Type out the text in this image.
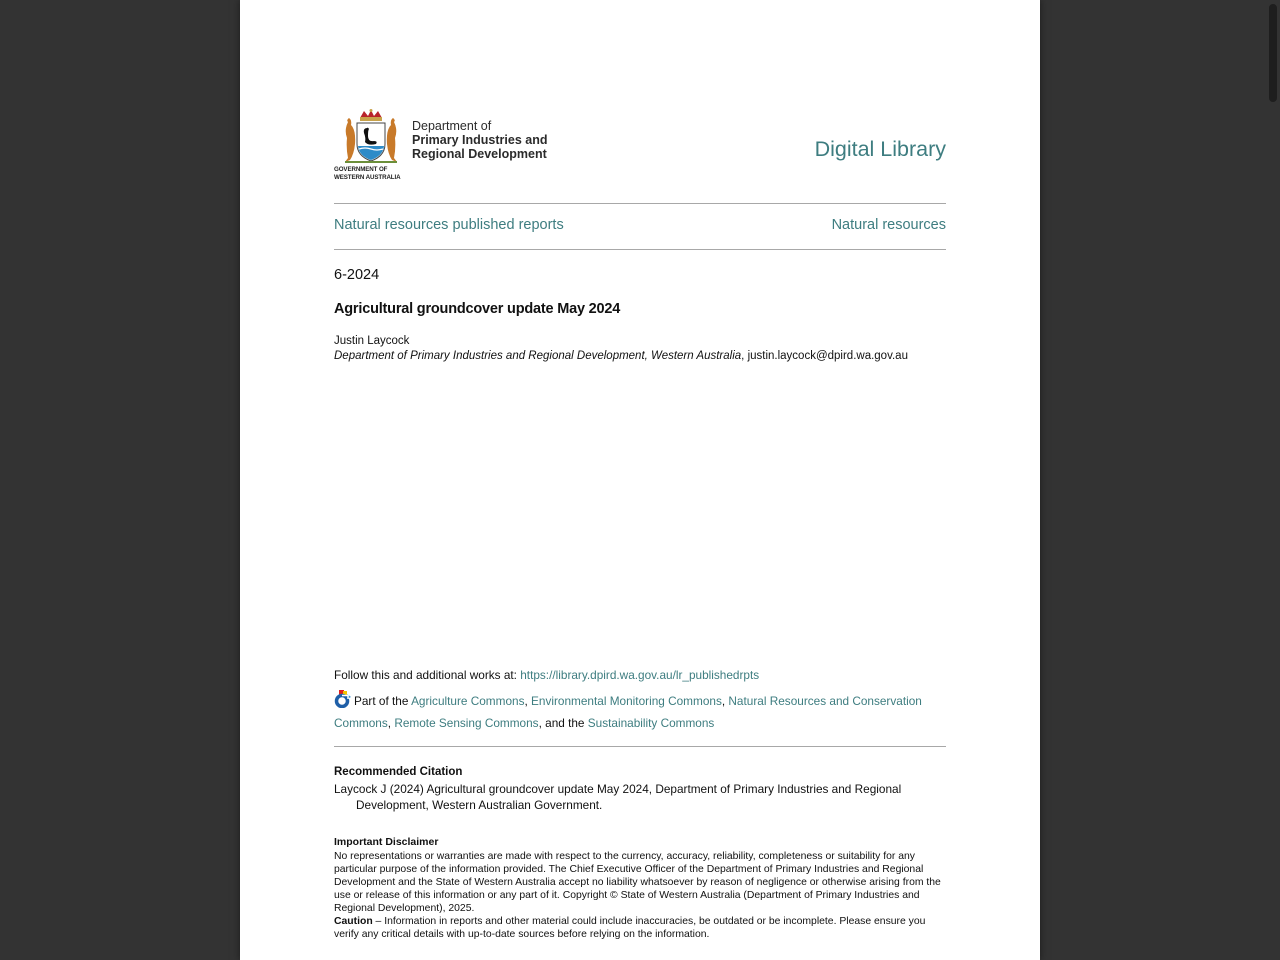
GOVERNMENT OF
WESTERN AUSTRALIA
Department of

Primary Industries and
Regional Development	Digital Library
Natural resources published reports	Natural resources
6-2024
Agricultural groundcover update May 2024
Justin Laycock
Department of Primary Industries and Regional Development, Western Australia, justin.laycock@dpird.wa.gov.au
Follow this and additional works at: https://library.dpird.wa.gov.au/lr_publishedrpts
Part of the Agriculture Commons, Environmental Monitoring Commons, Natural Resources and Conservation Commons, Remote Sensing Commons, and the Sustainability Commons
Recommended Citation
Laycock J (2024) Agricultural groundcover update May 2024, Department of Primary Industries and Regional Development, Western Australian Government.
Important Disclaimer
No representations or warranties are made with respect to the currency, accuracy, reliability, completeness or suitability for any particular purpose of the information provided. The Chief Executive Officer of the Department of Primary Industries and Regional Development and the State of Western Australia accept no liability whatsoever by reason of negligence or otherwise arising from the use or release of this information or any part of it. Copyright © State of Western Australia (Department of Primary Industries and Regional Development), 2025.
Caution – Information in reports and other material could include inaccuracies, be outdated or be incomplete. Please ensure you verify any critical details with up-to-date sources before relying on the information.
